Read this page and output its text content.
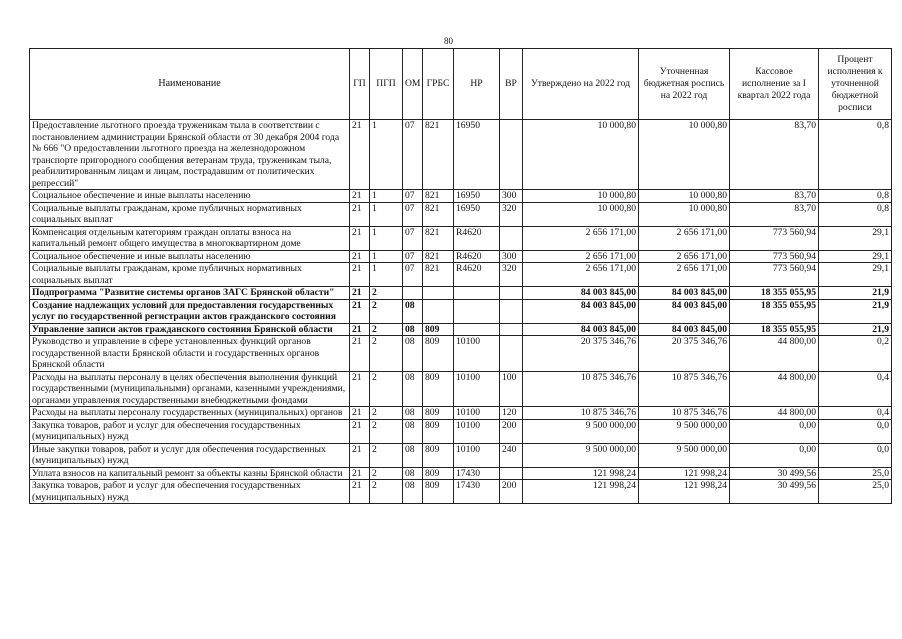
80
Наименование	ГП	ПГП	ОМ	ГРБС	НР	ВР	Утверждено на 2022 год	Уточненная бюджетная роспись на 2022 год	Кассовое исполнение за I квартал 2022 года	Процент исполнения к уточненной бюджетной росписи
Предоставление льготного проезда труженикам тыла в соответствии с постановлением администрации Брянской области от 30 декабря 2004 года № 666 "О предоставлении льготного проезда на железнодорожном транспорте пригородного сообщения ветеранам труда, труженикам тыла, реабилитированным лицам и лицам, пострадавшим от политических репрессий"	21	1	07	821	16950		10 000,80	10 000,80	83,70	0,8
Социальное обеспечение и иные выплаты населению	21	1	07	821	16950	300	10 000,80	10 000,80	83,70	0,8
Социальные выплаты гражданам, кроме публичных нормативных социальных выплат	21	1	07	821	16950	320	10 000,80	10 000,80	83,70	0,8
Компенсация отдельным категориям граждан оплаты взноса на капитальный ремонт общего имущества в многоквартирном доме	21	1	07	821	R4620		2 656 171,00	2 656 171,00	773 560,94	29,1
Социальное обеспечение и иные выплаты населению	21	1	07	821	R4620	300	2 656 171,00	2 656 171,00	773 560,94	29,1
Социальные выплаты гражданам, кроме публичных нормативных социальных выплат	21	1	07	821	R4620	320	2 656 171,00	2 656 171,00	773 560,94	29,1
Подпрограмма "Развитие системы органов ЗАГС Брянской области"	21	2					84 003 845,00	84 003 845,00	18 355 055,95	21,9
Создание надлежащих условий для предоставления государственных услуг по государственной регистрации актов гражданского состояния	21	2	08				84 003 845,00	84 003 845,00	18 355 055,95	21,9
Управление записи актов гражданского состояния Брянской области	21	2	08	809			84 003 845,00	84 003 845,00	18 355 055,95	21,9
Руководство и управление в сфере установленных функций органов государственной власти Брянской области и государственных органов Брянской области	21	2	08	809	10100		20 375 346,76	20 375 346,76	44 800,00	0,2
Расходы на выплаты персоналу в целях обеспечения выполнения функций государственными (муниципальными) органами, казенными учреждениями, органами управления государственными внебюджетными фондами	21	2	08	809	10100	100	10 875 346,76	10 875 346,76	44 800,00	0,4
Расходы на выплаты персоналу государственных (муниципальных) органов	21	2	08	809	10100	120	10 875 346,76	10 875 346,76	44 800,00	0,4
Закупка товаров, работ и услуг для обеспечения государственных (муниципальных) нужд	21	2	08	809	10100	200	9 500 000,00	9 500 000,00	0,00	0,0
Иные закупки товаров, работ и услуг для обеспечения государственных (муниципальных) нужд	21	2	08	809	10100	240	9 500 000,00	9 500 000,00	0,00	0,0
Уплата взносов на капитальный ремонт за объекты казны Брянской области	21	2	08	809	17430		121 998,24	121 998,24	30 499,56	25,0
Закупка товаров, работ и услуг для обеспечения государственных (муниципальных) нужд	21	2	08	809	17430	200	121 998,24	121 998,24	30 499,56	25,0
